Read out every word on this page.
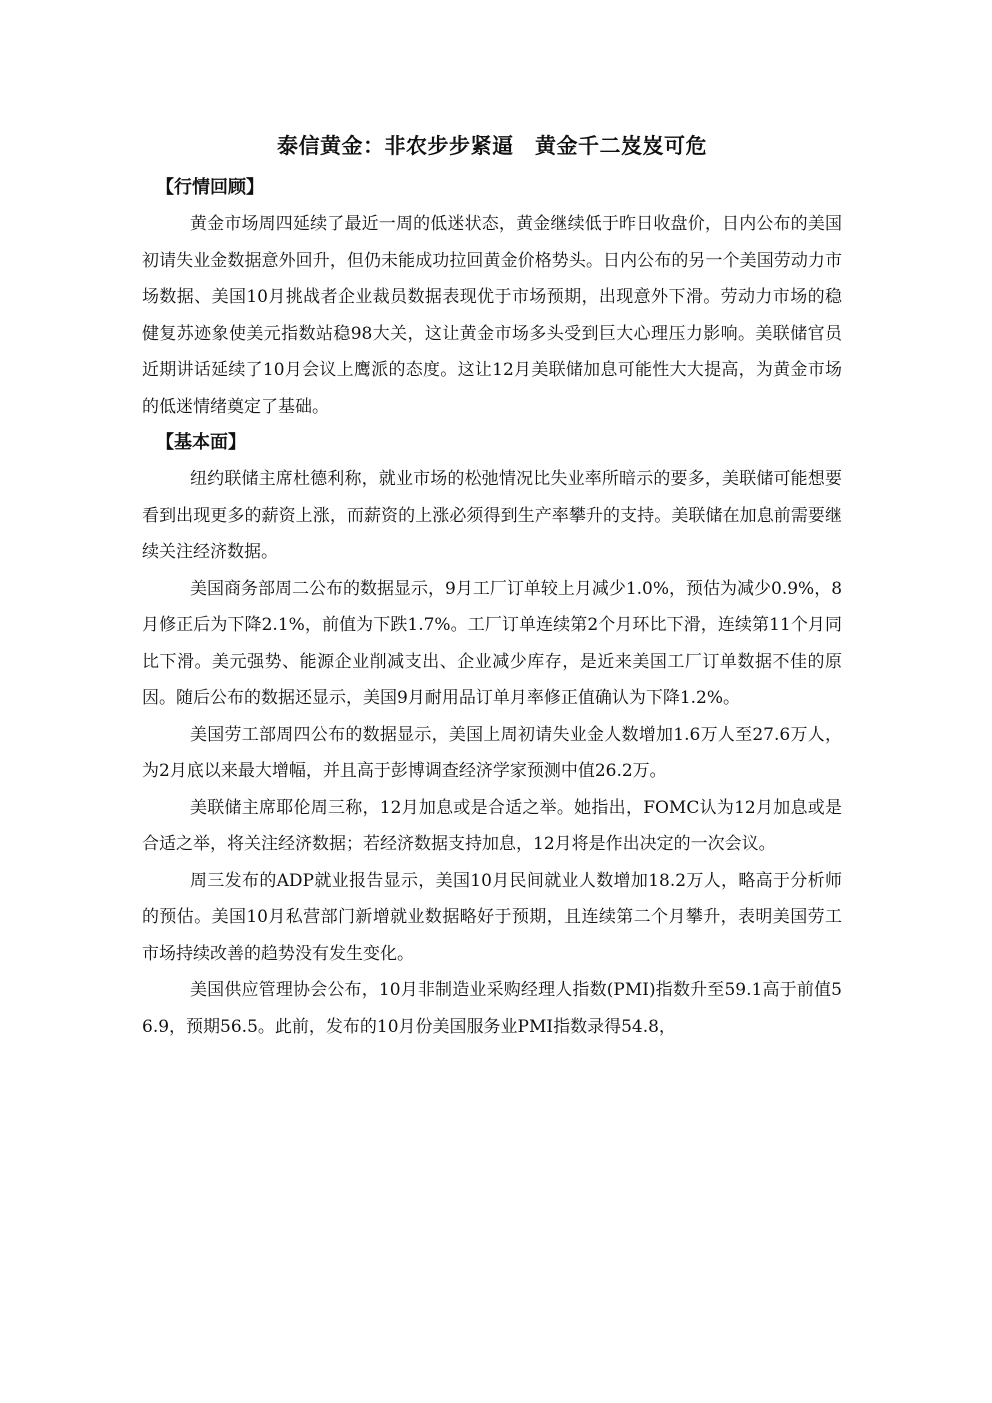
泰信黄金：非农步步紧逼　黄金千二岌岌可危
【行情回顾】

黄金市场周四延续了最近一周的低迷状态，黄金继续低于昨日收盘价，日内公布的美国初请失业金数据意外回升，但仍未能成功拉回黄金价格势头。日内公布的另一个美国劳动力市场数据、美国10月挑战者企业裁员数据表现优于市场预期，出现意外下滑。劳动力市场的稳健复苏迹象使美元指数站稳98大关，这让黄金市场多头受到巨大心理压力影响。美联储官员近期讲话延续了10月会议上鹰派的态度。这让12月美联储加息可能性大大提高，为黄金市场的低迷情绪奠定了基础。

【基本面】

纽约联储主席杜德利称，就业市场的松弛情况比失业率所暗示的要多，美联储可能想要看到出现更多的薪资上涨，而薪资的上涨必须得到生产率攀升的支持。美联储在加息前需要继续关注经济数据。

美国商务部周二公布的数据显示，9月工厂订单较上月减少1.0%，预估为减少0.9%，8月修正后为下降2.1%，前值为下跌1.7%。工厂订单连续第2个月环比下滑，连续第11个月同比下滑。美元强势、能源企业削减支出、企业减少库存，是近来美国工厂订单数据不佳的原因。随后公布的数据还显示，美国9月耐用品订单月率修正值确认为下降1.2%。

美国劳工部周四公布的数据显示，美国上周初请失业金人数增加1.6万人至27.6万人，为2月底以来最大增幅，并且高于彭博调查经济学家预测中值26.2万。

美联储主席耶伦周三称，12月加息或是合适之举。她指出，FOMC认为12月加息或是合适之举，将关注经济数据；若经济数据支持加息，12月将是作出决定的一次会议。

周三发布的ADP就业报告显示，美国10月民间就业人数增加18.2万人，略高于分析师的预估。美国10月私营部门新增就业数据略好于预期，且连续第二个月攀升，表明美国劳工市场持续改善的趋势没有发生变化。

美国供应管理协会公布，10月非制造业采购经理人指数(PMI)指数升至59.1高于前值56.9，预期56.5。此前，发布的10月份美国服务业PMI指数录得54.8，
